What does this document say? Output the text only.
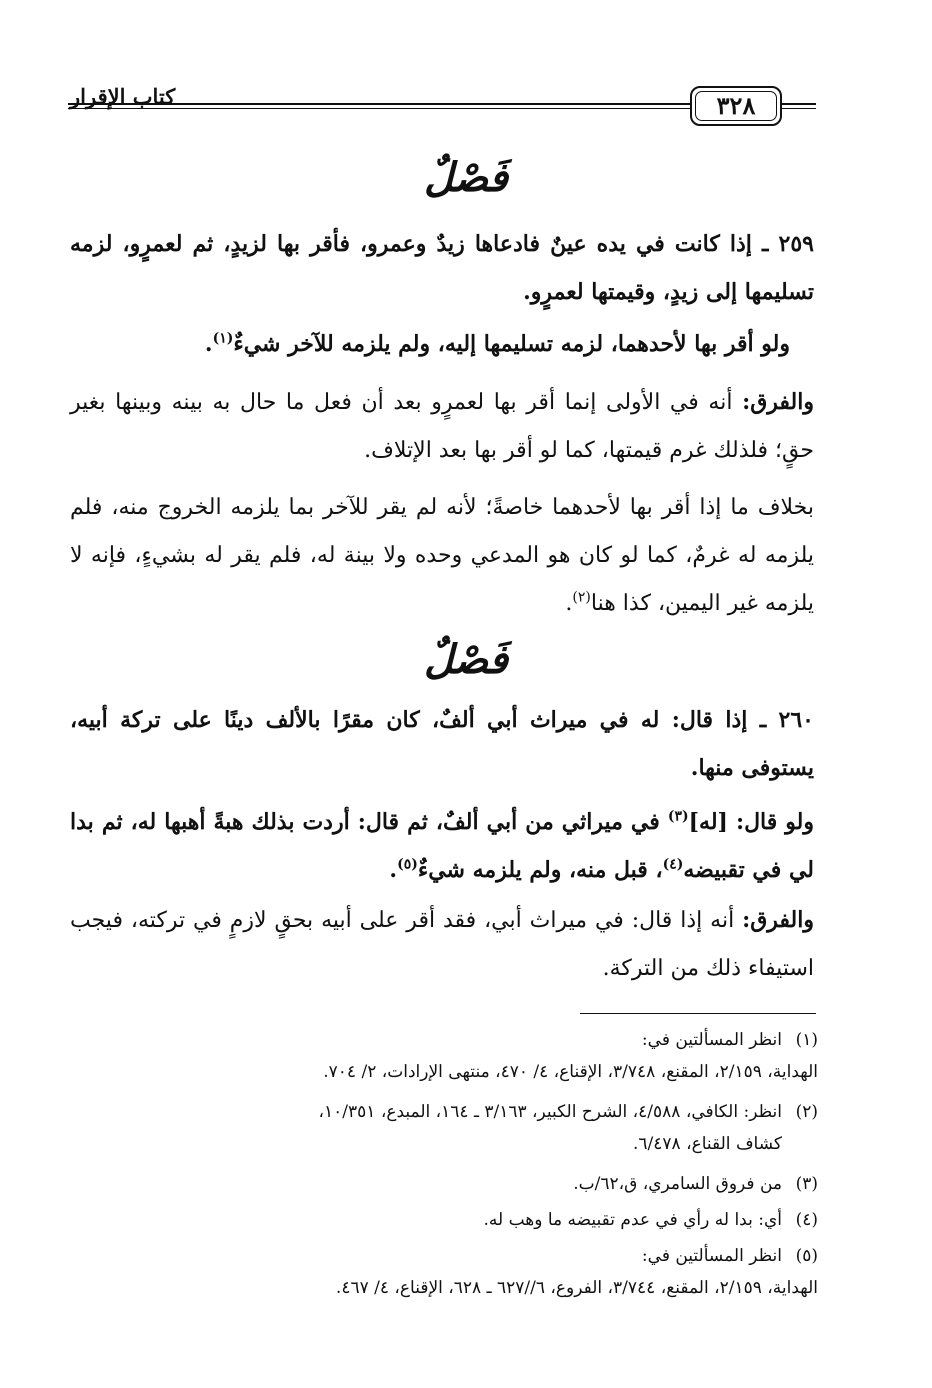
٣٢٨
كتاب الإقرار
فَصْلٌ
٢٥٩ ـ إذا كانت في يده عينٌ فادعاها زيدٌ وعمرو، فأقر بها لزيدٍ، ثم لعمرٍو، لزمه تسليمها إلى زيدٍ، وقيمتها لعمرٍو.
ولو أقر بها لأحدهما، لزمه تسليمها إليه، ولم يلزمه للآخر شيءٌ$^{(١)}$.
والفرق: أنه في الأولى إنما أقر بها لعمرٍو بعد أن فعل ما حال به بينه وبينها بغير حقٍ؛ فلذلك غرم قيمتها، كما لو أقر بها بعد الإتلاف.
بخلاف ما إذا أقر بها لأحدهما خاصةً؛ لأنه لم يقر للآخر بما يلزمه الخروج منه، فلم يلزمه له غرمٌ، كما لو كان هو المدعي وحده ولا بينة له، فلم يقر له بشيءٍ، فإنه لا يلزمه غير اليمين، كذا هنا$^{(٢)}$.
فَصْلٌ
٢٦٠ ـ إذا قال: له في ميراث أبي ألفٌ، كان مقرًا بالألف دينًا على تركة أبيه، يستوفى منها.
ولو قال: [له]$^{(٣)}$ في ميراثي من أبي ألفٌ، ثم قال: أردت بذلك هبةً أهبها له، ثم بدا لي في تقبيضه$^{(٤)}$، قبل منه، ولم يلزمه شيءٌ$^{(٥)}$.
والفرق: أنه إذا قال: في ميراث أبي، فقد أقر على أبيه بحقٍ لازمٍ في تركته، فيجب استيفاء ذلك من التركة.
(١)انظر المسألتين في:
الهداية، ٢/١٥٩، المقنع، ٣/٧٤٨، الإقناع، ٤/ ٤٧٠، منتهى الإرادات، ٢/ ٧٠٤.
(٢)انظر: الكافي، ٤/٥٨٨، الشرح الكبير، ٣/١٦٣ ـ ١٦٤، المبدع، ١٠/٣٥١،
كشاف القناع، ٦/٤٧٨.
(٣)من فروق السامري، ق،٦٢/ب.
(٤)أي: بدا له رأي في عدم تقبيضه ما وهب له.
(٥)انظر المسألتين في:
الهداية، ٢/١٥٩، المقنع، ٣/٧٤٤، الفروع، ٦//٦٢٧ ـ ٦٢٨، الإقناع، ٤/ ٤٦٧.
